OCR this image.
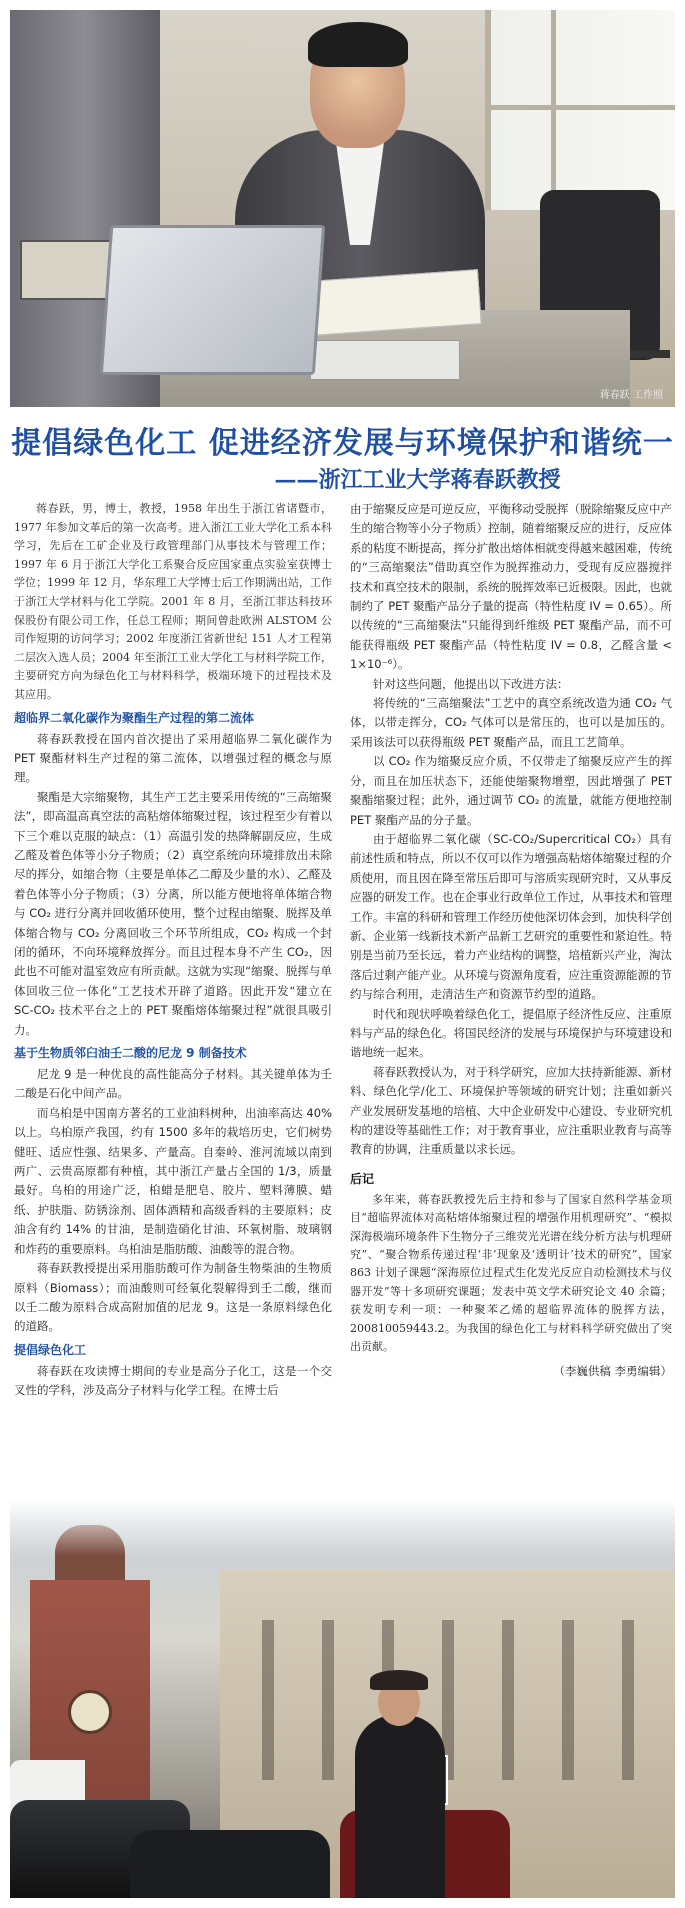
蒋春跃 工作照
提倡绿色化工 促进经济发展与环境保护和谐统一
——浙江工业大学蒋春跃教授

蒋春跃，男，博士，教授，1958 年出生于浙江省诸暨市，1977 年参加文革后的第一次高考。进入浙江工业大学化工系本科学习，先后在工矿企业及行政管理部门从事技术与管理工作；1997 年 6 月于浙江大学化工系聚合反应国家重点实验室获博士学位；1999 年 12 月，华东理工大学博士后工作期满出站，工作于浙江大学材料与化工学院。2001 年 8 月，至浙江菲达科技环保股份有限公司工作，任总工程师；期间曾赴欧洲 ALSTOM 公司作短期的访问学习；2002 年度浙江省新世纪 151 人才工程第二层次入选人员；2004 年至浙江工业大学化工与材料学院工作，主要研究方向为绿色化工与材料科学，极端环境下的过程技术及其应用。

超临界二氧化碳作为聚酯生产过程的第二流体

蒋春跃教授在国内首次提出了采用超临界二氧化碳作为 PET 聚酯材料生产过程的第二流体，以增强过程的概念与原理。

聚酯是大宗缩聚物，其生产工艺主要采用传统的“三高缩聚法”，即高温高真空法的高粘熔体缩聚过程，该过程至少有着以下三个难以克服的缺点：（1）高温引发的热降解副反应，生成乙醛及着色体等小分子物质；（2）真空系统向环境排放出未除尽的挥分，如缩合物（主要是单体乙二醇及少量的水）、乙醛及着色体等小分子物质；（3）分离，所以能方便地将单体缩合物与 CO₂ 进行分离并回收循环使用，整个过程由缩聚、脱挥及单体缩合物与 CO₂ 分离回收三个环节所组成，CO₂ 构成一个封闭的循环，不向环境释放挥分。而且过程本身不产生 CO₂，因此也不可能对温室效应有所贡献。这就为实现“缩聚、脱挥与单体回收三位一体化”工艺技术开辟了道路。因此开发“建立在 SC-CO₂ 技术平台之上的 PET 聚酯熔体缩聚过程”就很具吸引力。

基于生物质邻臼油壬二酸的尼龙 9 制备技术

尼龙 9 是一种优良的高性能高分子材料。其关键单体为壬二酸是石化中间产品。

而乌桕是中国南方著名的工业油料树种，出油率高达 40% 以上。乌桕原产我国，约有 1500 多年的栽培历史，它们树势健旺、适应性强、结果多、产量高。自秦岭、淮河流域以南到两广、云贵高原都有种植，其中浙江产量占全国的 1/3，质量最好。乌桕的用途广泛，桕蜡是肥皂、胶片、塑料薄膜、蜡纸、护肤脂、防锈涂剂、固体酒精和高级香料的主要原料；皮油含有约 14% 的甘油，是制造硝化甘油、环氧树脂、玻璃钢和炸药的重要原料。乌桕油是脂肪酸、油酸等的混合物。

蒋春跃教授提出采用脂肪酸可作为制备生物柴油的生物质原料（Biomass）；而油酸则可经氧化裂解得到壬二酸，继而以壬二酸为原料合成高附加值的尼龙 9。这是一条原料绿色化的道路。

提倡绿色化工

蒋春跃在攻读博士期间的专业是高分子化工，这是一个交叉性的学科，涉及高分子材料与化学工程。在博士后

由于缩聚反应是可逆反应，平衡移动受脱挥（脱除缩聚反应中产生的缩合物等小分子物质）控制，随着缩聚反应的进行，反应体系的粘度不断提高，挥分扩散出熔体相就变得越来越困难，传统的“三高缩聚法”借助真空作为脱挥推动力，受现有反应器搅拌技术和真空技术的限制，系统的脱挥效率已近极限。因此，也就制约了 PET 聚酯产品分子量的提高（特性粘度 IV = 0.65）。所以传统的“三高缩聚法”只能得到纤维级 PET 聚酯产品，而不可能获得瓶级 PET 聚酯产品（特性粘度 IV = 0.8，乙醛含量 < 1×10⁻⁶）。

针对这些问题，他提出以下改进方法：

将传统的“三高缩聚法”工艺中的真空系统改造为通 CO₂ 气体，以带走挥分，CO₂ 气体可以是常压的，也可以是加压的。采用该法可以获得瓶级 PET 聚酯产品，而且工艺简单。

以 CO₂ 作为缩聚反应介质，不仅带走了缩聚反应产生的挥分，而且在加压状态下，还能使缩聚物增塑，因此增强了 PET 聚酯缩聚过程；此外，通过调节 CO₂ 的流量，就能方便地控制 PET 聚酯产品的分子量。

由于超临界二氧化碳（SC-CO₂/Supercritical CO₂）具有前述性质和特点，所以不仅可以作为增强高粘熔体缩聚过程的介质使用，而且因在降至常压后即可与溶质实现研究时，又从事反应器的研发工作。也在企事业行政单位工作过，从事技术和管理工作。丰富的科研和管理工作经历使他深切体会到，加快科学创新、企业第一线新技术新产品新工艺研究的重要性和紧迫性。特别是当前乃至长远，着力产业结构的调整，培植新兴产业，淘汰落后过剩产能产业。从环境与资源角度看，应注重资源能源的节约与综合利用，走清洁生产和资源节约型的道路。

时代和现状呼唤着绿色化工，提倡原子经济性反应、注重原料与产品的绿色化。将国民经济的发展与环境保护与环境建设和谐地统一起来。

蒋春跃教授认为，对于科学研究，应加大扶持新能源、新材料、绿色化学/化工、环境保护等领域的研究计划；注重如新兴产业发展研发基地的培植、大中企业研发中心建设、专业研究机构的建设等基础性工作；对于教育事业，应注重职业教育与高等教育的协调，注重质量以求长远。

后记

多年来，蒋春跃教授先后主持和参与了国家自然科学基金项目“超临界流体对高粘熔体缩聚过程的增强作用机理研究”、“模拟深海极端环境条件下生物分子三维荧光光谱在线分析方法与机理研究”、“聚合物系传递过程‘非’现象及‘透明计’技术的研究”，国家 863 计划子课题“深海原位过程式生化发光反应自动检测技术与仪器开发”等十多项研究课题；发表中英文学术研究论文 40 余篇；获发明专利一项：一种聚苯乙烯的超临界流体的脱挥方法，200810059443.2。为我国的绿色化工与材料科学研究做出了突出贡献。

（李巍供稿 李勇编辑）
